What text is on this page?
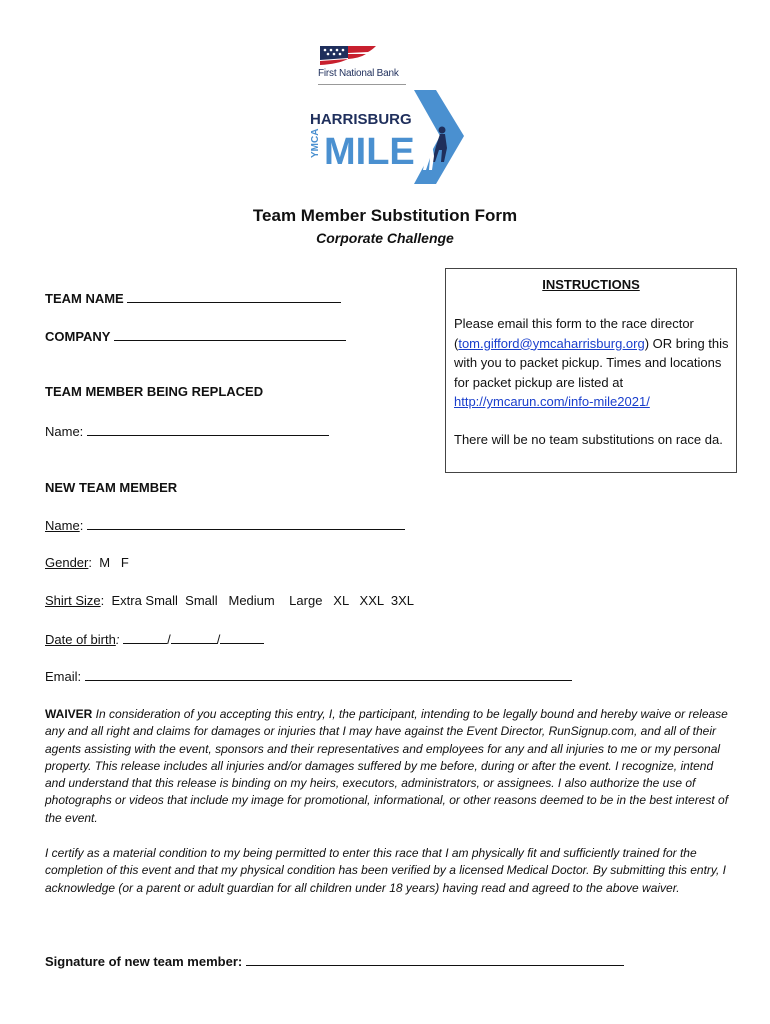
First National Bank
YMCA
HARRISBURG
MILE
Team Member Substitution Form
Corporate Challenge
INSTRUCTIONS

Please email this form to the race director (tom.gifford@ymcaharrisburg.org) OR bring this with you to packet pickup. Times and locations for packet pickup are listed at http://ymcarun.com/info-mile2021/

There will be no team substitutions on race da.

TEAM NAME
COMPANY
TEAM MEMBER BEING REPLACED
Name:
NEW TEAM MEMBER
Name:
Gender:  M   F
Shirt Size:  Extra Small  Small   Medium    Large   XL   XXL  3XL
Date of birth:	/	/
Email:
WAIVER In consideration of you accepting this entry, I, the participant, intending to be legally bound and hereby waive or release any and all right and claims for damages or injuries that I may have against the Event Director, RunSignup.com, and all of their agents assisting with the event, sponsors and their representatives and employees for any and all injuries to me or my personal property. This release includes all injuries and/or damages suffered by me before, during or after the event. I recognize, intend and understand that this release is binding on my heirs, executors, administrators, or assignees. I also authorize the use of photographs or videos that include my image for promotional, informational, or other reasons deemed to be in the best interest of the event.
I certify as a material condition to my being permitted to enter this race that I am physically fit and sufficiently trained for the completion of this event and that my physical condition has been verified by a licensed Medical Doctor. By submitting this entry, I acknowledge (or a parent or adult guardian for all children under 18 years) having read and agreed to the above waiver.
Signature of new team member:
